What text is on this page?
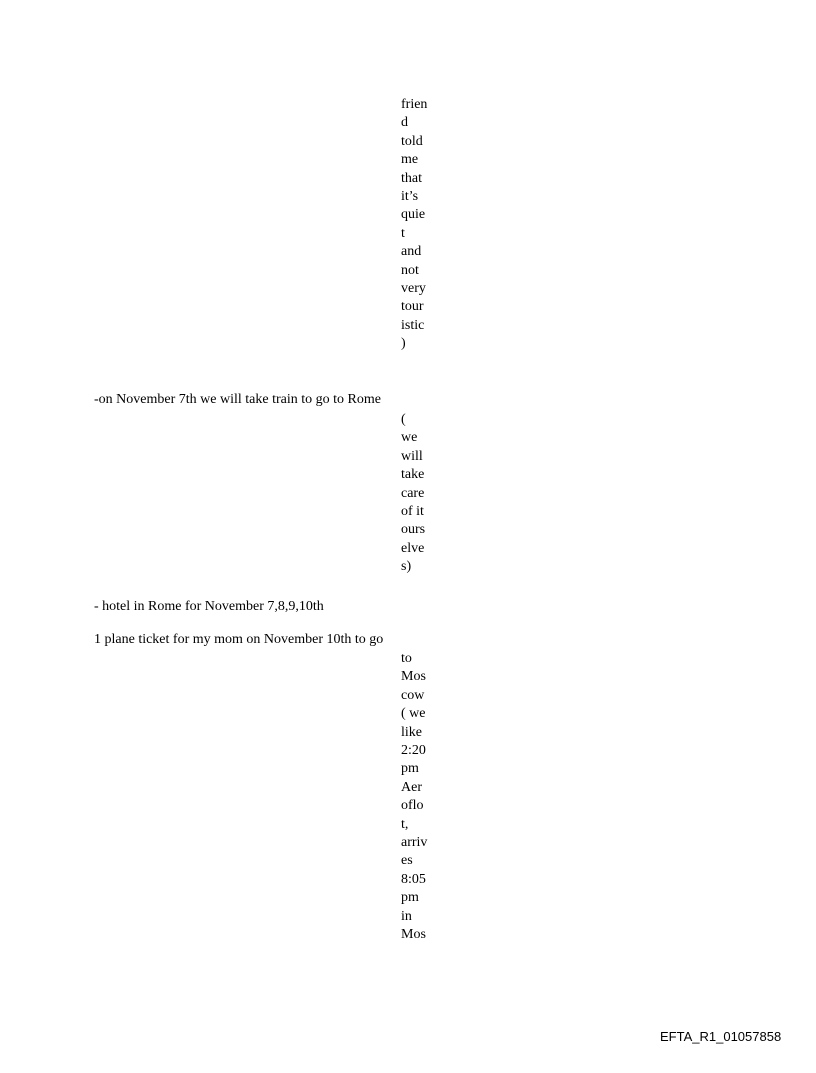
frien
d
told
me
that
it’s
quie
t
and
not
very
tour
istic
)
-on November 7th we will take train to go to Rome
(
we
will
take
care
of it
ours
elve
s)
- hotel in Rome for November 7,8,9,10th
1 plane ticket for my mom on November 10th to go
to
Mos
cow
( we
like
2:20
pm
Aer
oflo
t,
arriv
es
8:05
pm
in
Mos
EFTA_R1_01057858
